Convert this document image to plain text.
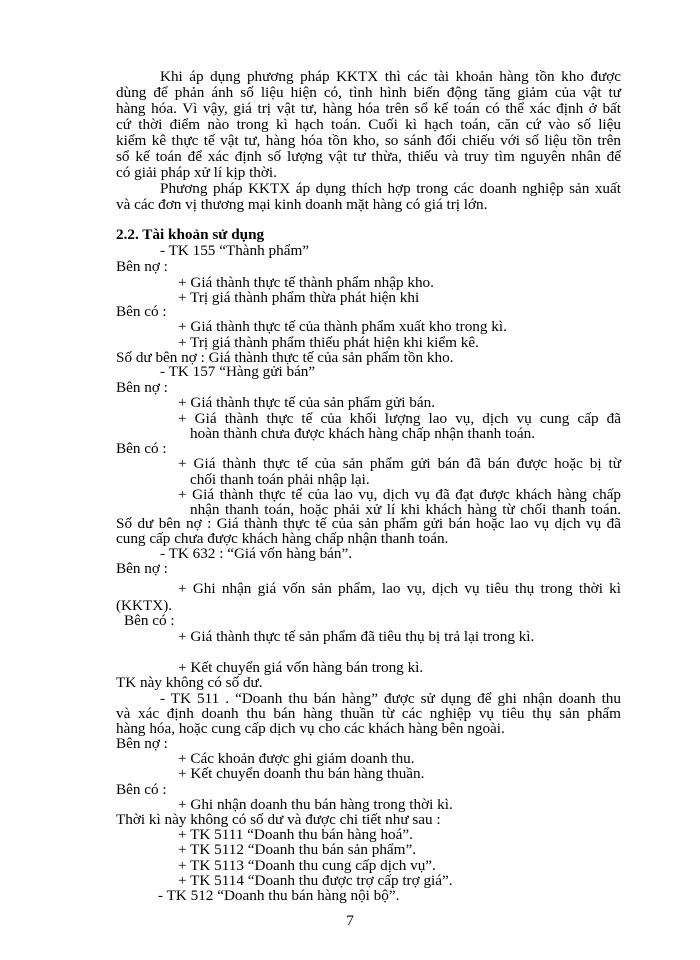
Khi áp dụng phương pháp KKTX thì các tài khoản hàng tồn kho được
dùng để phản ánh số liệu hiện có, tình hình biến động tăng giảm của vật tư
hàng hóa. Vì vậy, giá trị vật tư, hàng hóa trên sổ kế toán có thể xác định ở bất
cứ thời điểm nào trong kì hạch toán. Cuối kì hạch toán, căn cứ vào số liệu
kiểm kê thực tế vật tư, hàng hóa tồn kho, so sánh đối chiếu với số liệu tồn trên
sổ kế toán để xác định số lượng vật tư thừa, thiếu và truy tìm nguyên nhân để
có giải pháp xử lí kịp thời.
Phương pháp KKTX áp dụng thích hợp trong các doanh nghiệp sản xuất
và các đơn vị thương mại kinh doanh mặt hàng có giá trị lớn.
2.2. Tài khoản sử dụng
- TK 155 “Thành phẩm”
Bên nợ :
+ Giá thành thực tế thành phẩm nhập kho.
+ Trị giá thành phẩm thừa phát hiện khi
Bên có :
+ Giá thành thực tế của thành phẩm xuất kho trong kì.
+ Trị giá thành phẩm thiếu phát hiện khi kiểm kê.
Số dư bên nợ : Giá thành thực tế của sản phẩm tồn kho.
- TK 157 “Hàng gửi bán”
Bên nợ :
+ Giá thành thực tế của sản phẩm gửi bán.
+ Giá thành thực tế của khối lượng lao vụ, dịch vụ cung cấp đã
hoàn thành chưa được khách hàng chấp nhận thanh toán.
Bên có :
+ Giá thành thực tế của sản phẩm gửi bán đã bán được hoặc bị từ
chối thanh toán phải nhập lại.
+ Giá thành thực tế của lao vụ, dịch vụ đã đạt được khách hàng chấp
nhận thanh toán, hoặc phải xử lí khi khách hàng từ chối thanh toán.
Số dư bên nợ : Giá thành thực tế của sản phẩm gửi bán hoặc lao vụ dịch vụ đã
cung cấp chưa được khách hàng chấp nhận thanh toán.
- TK 632 : “Giá vốn hàng bán”.
Bên nợ :
+ Ghi nhận giá vốn sản phẩm, lao vụ, dịch vụ tiêu thụ trong thời kì
(KKTX).
Bên có :
+ Giá thành thực tế sản phẩm đã tiêu thụ bị trả lại trong kì.
+ Kết chuyển giá vốn hàng bán trong kì.
TK này không có số dư.
- TK 511 . “Doanh thu bán hàng” được sử dụng để ghi nhận doanh thu
và xác định doanh thu bán hàng thuần từ các nghiệp vụ tiêu thụ sản phẩm
hàng hóa, hoặc cung cấp dịch vụ cho các khách hàng bên ngoài.
Bên nợ :
+ Các khoản được ghi giảm doanh thu.
+ Kết chuyển doanh thu bán hàng thuần.
Bên có :
+ Ghi nhận doanh thu bán hàng trong thời kì.
Thời kì này không có số dư và được chi tiết như sau :
+ TK 5111 “Doanh thu bán hàng hoá”.
+ TK 5112 “Doanh thu bán sản phẩm”.
+ TK 5113 “Doanh thu cung cấp dịch vụ”.
+ TK 5114 “Doanh thu được trợ cấp trợ giá”.
- TK 512 “Doanh thu bán hàng nội bộ”.
7
